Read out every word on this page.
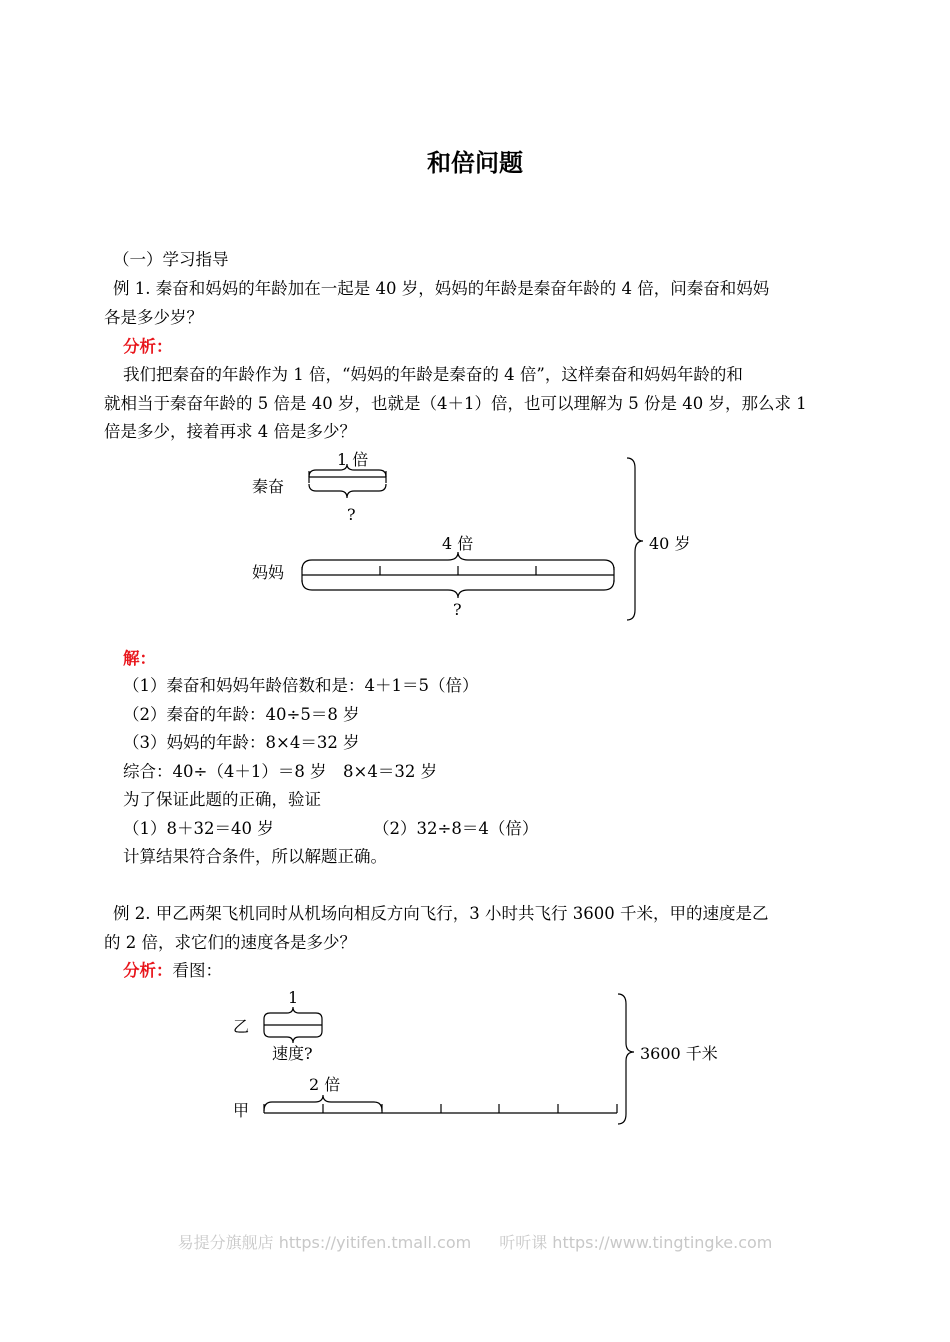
和倍问题
（一）学习指导
例 1. 秦奋和妈妈的年龄加在一起是 40 岁，妈妈的年龄是秦奋年龄的 4 倍，问秦奋和妈妈
各是多少岁？
分析：
我们把秦奋的年龄作为 1 倍，“妈妈的年龄是秦奋的 4 倍”，这样秦奋和妈妈年龄的和
就相当于秦奋年龄的 5 倍是 40 岁，也就是（4＋1）倍，也可以理解为 5 份是 40 岁，那么求 1
倍是多少，接着再求 4 倍是多少？
秦奋
1 倍
?
妈妈
4 倍
?
40 岁
解：
（1）秦奋和妈妈年龄倍数和是：4＋1＝5（倍）
（2）秦奋的年龄：40÷5＝8 岁
（3）妈妈的年龄：8×4＝32 岁
综合：40÷（4＋1）＝8 岁　8×4＝32 岁
为了保证此题的正确，验证
（1）8＋32＝40 岁	（2）32÷8＝4（倍）
计算结果符合条件，所以解题正确。
例 2. 甲乙两架飞机同时从机场向相反方向飞行，3 小时共飞行 3600 千米，甲的速度是乙
的 2 倍，求它们的速度各是多少？
分析：看图：
1
乙
速度?
2 倍
甲
3600 千米
易提分旗舰店 https://yitifen.tmall.com 听听课 https://www.tingtingke.com
